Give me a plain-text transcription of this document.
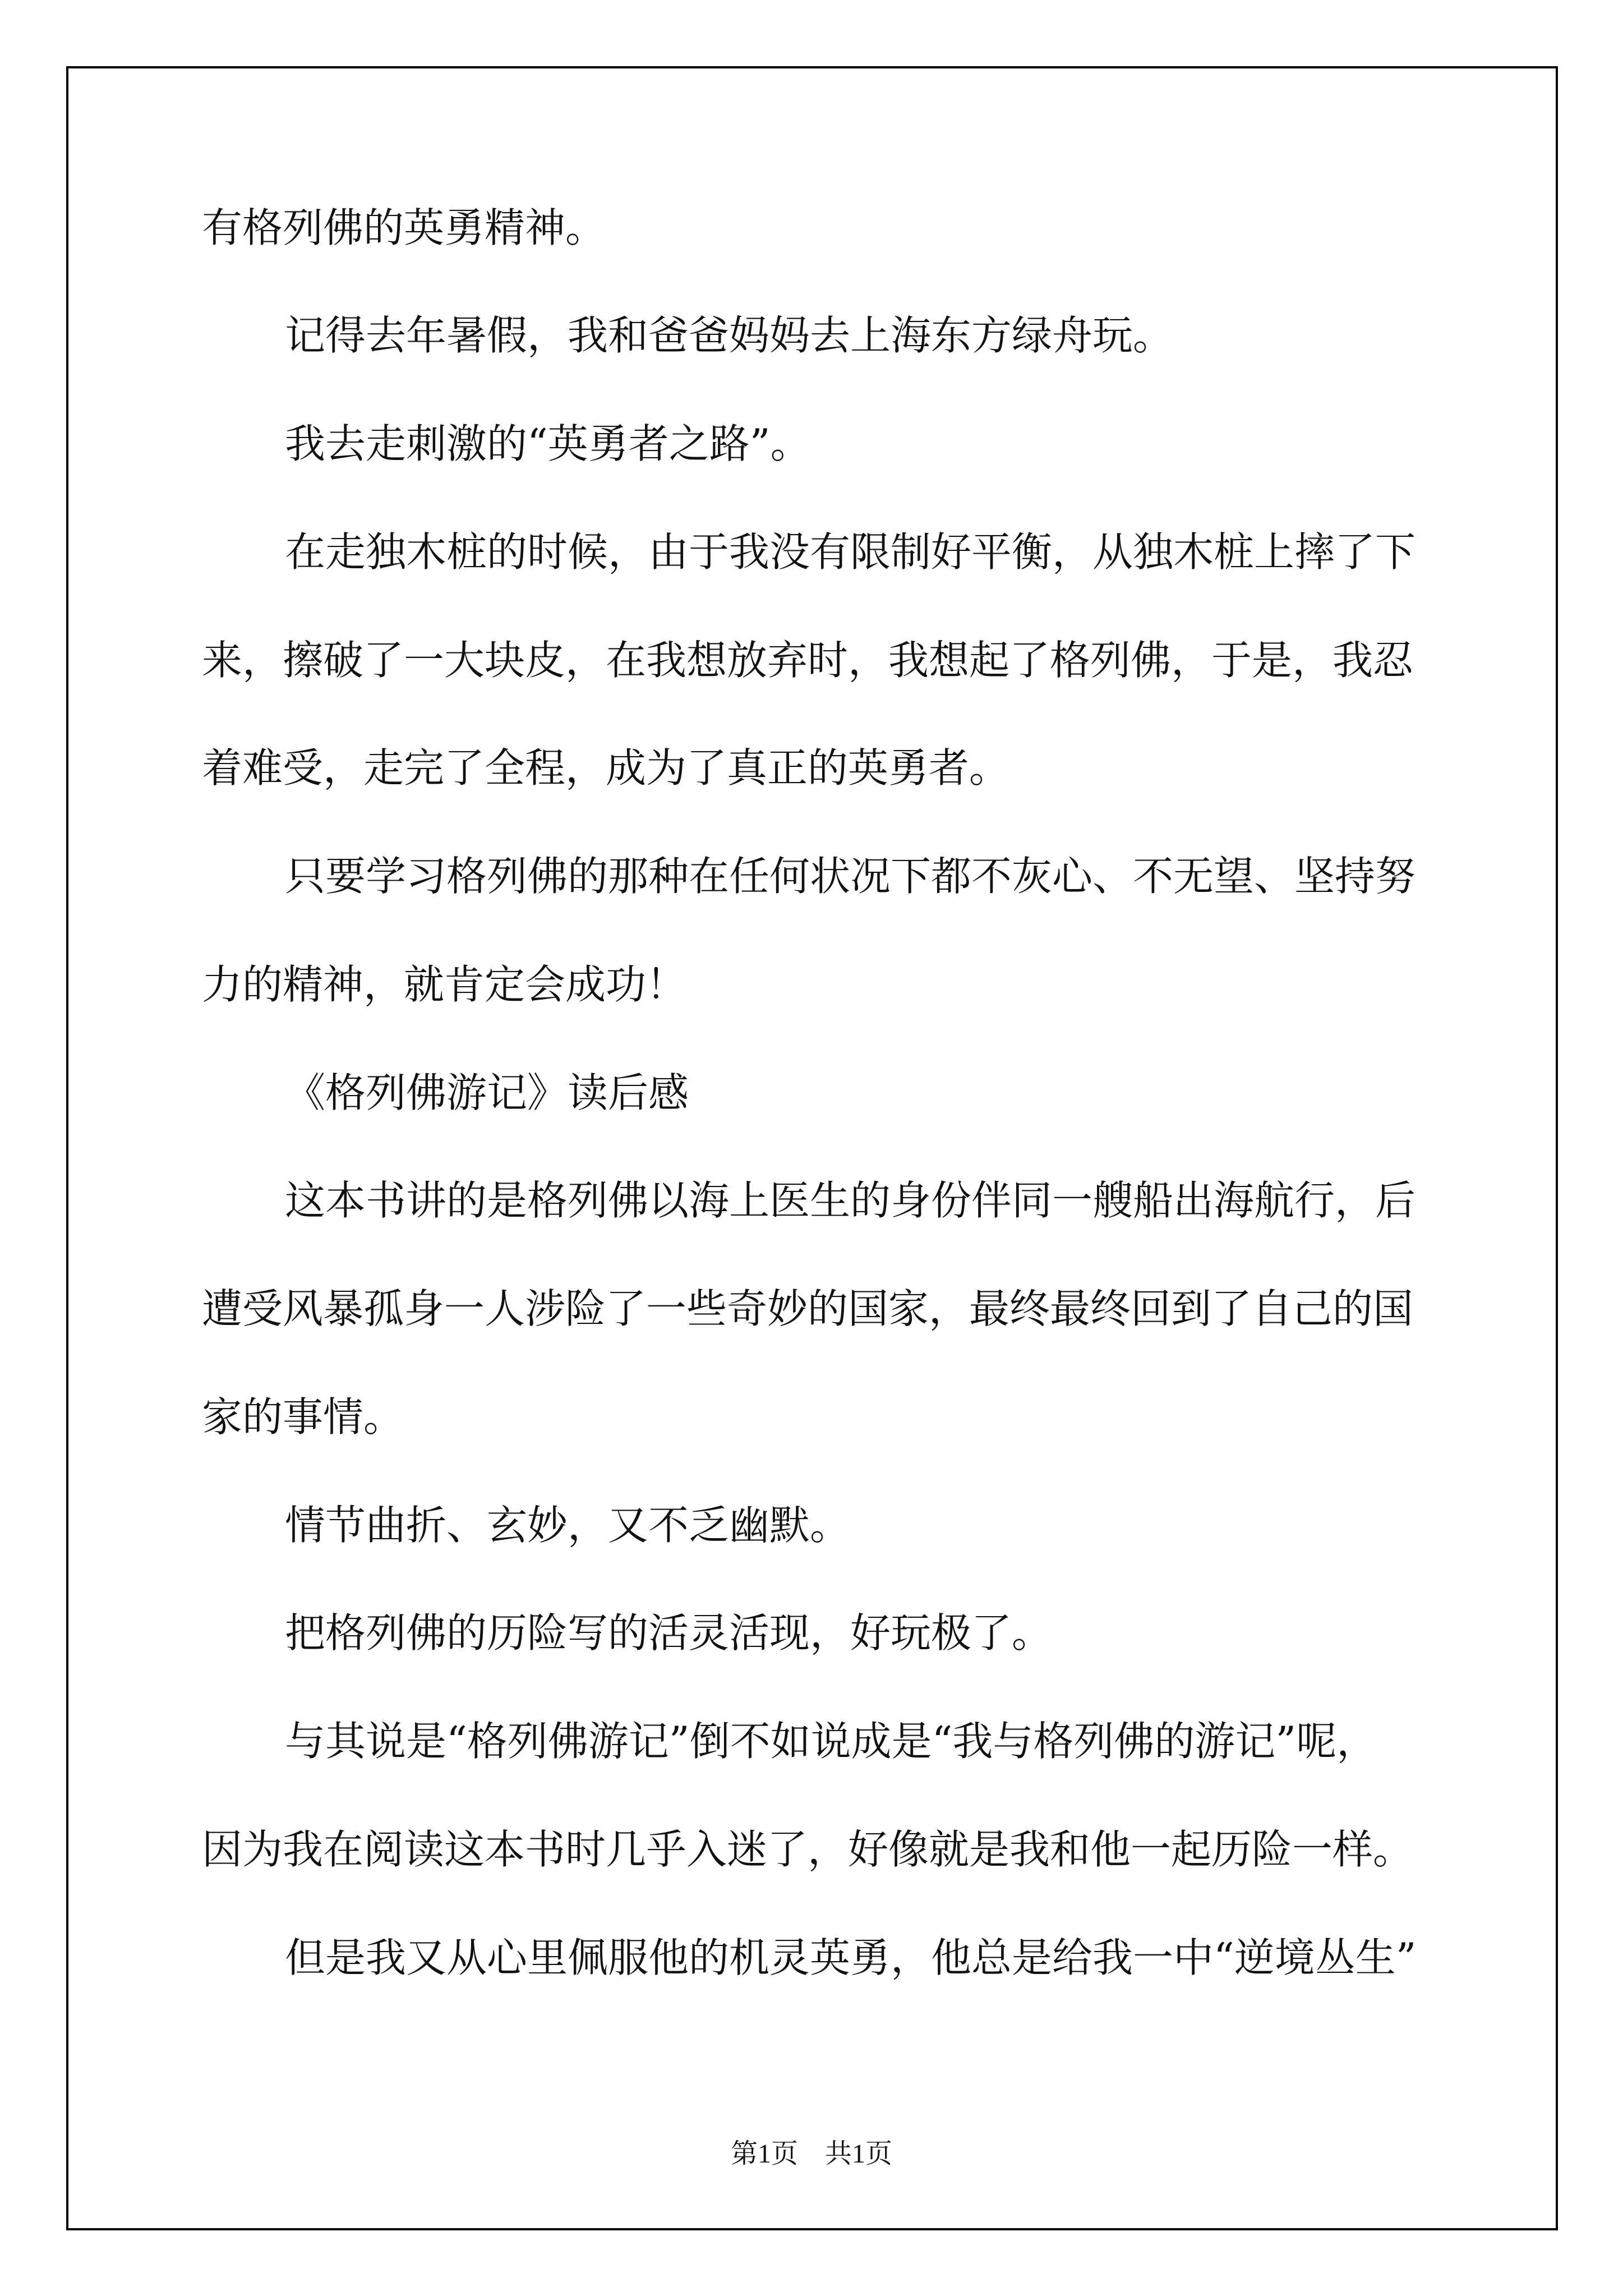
有格列佛的英勇精神。
记得去年暑假，我和爸爸妈妈去上海东方绿舟玩。
我去走刺激的“英勇者之路”。
在走独木桩的时候，由于我没有限制好平衡，从独木桩上摔了下
来，擦破了一大块皮，在我想放弃时，我想起了格列佛，于是，我忍
着难受，走完了全程，成为了真正的英勇者。
只要学习格列佛的那种在任何状况下都不灰心、不无望、坚持努
力的精神，就肯定会成功！
《格列佛游记》读后感
这本书讲的是格列佛以海上医生的身份伴同一艘船出海航行，后
遭受风暴孤身一人涉险了一些奇妙的国家，最终最终回到了自己的国
家的事情。
情节曲折、玄妙，又不乏幽默。
把格列佛的历险写的活灵活现，好玩极了。
与其说是“格列佛游记”倒不如说成是“我与格列佛的游记”呢，
因为我在阅读这本书时几乎入迷了，好像就是我和他一起历险一样。
但是我又从心里佩服他的机灵英勇，他总是给我一中“逆境丛生”
第1页　共1页
